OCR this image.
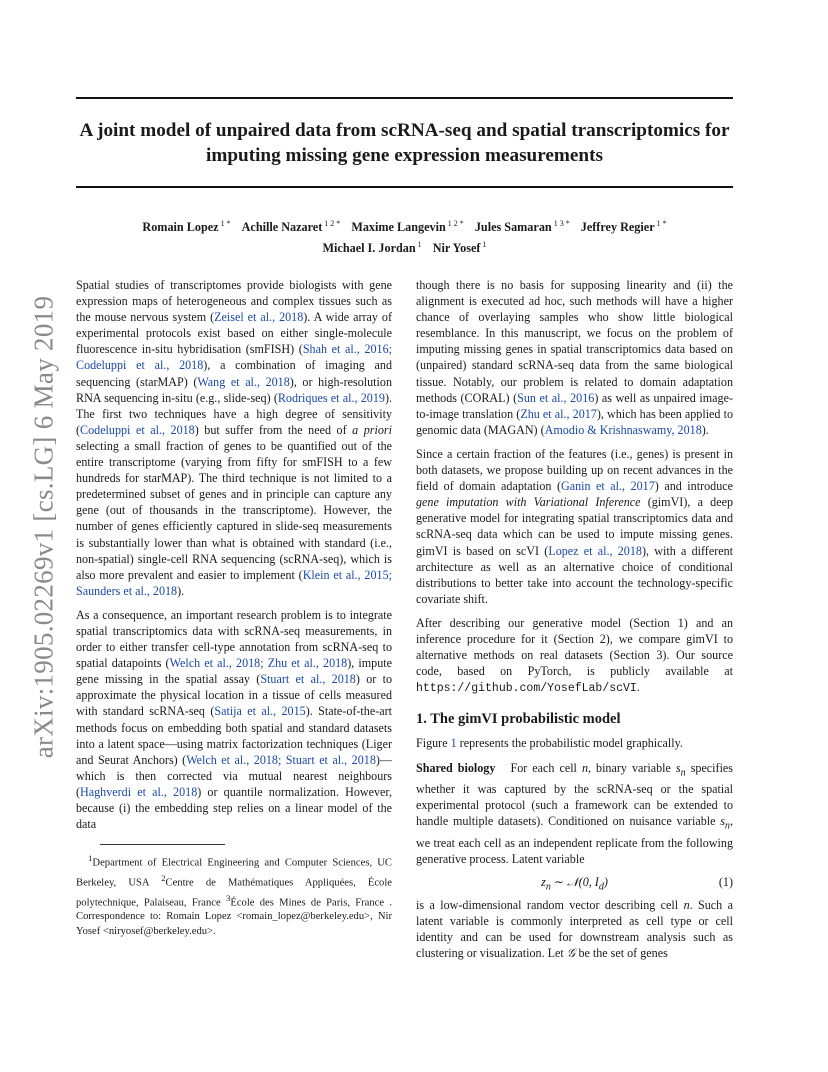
A joint model of unpaired data from scRNA-seq and spatial transcriptomics for imputing missing gene expression measurements
Romain Lopez $^{1 *}$ Achille Nazaret $^{1 2 *}$ Maxime Langevin $^{1 2 *}$ Jules Samaran $^{1 3 *}$ Jeffrey Regier $^{1 *}$
Michael I. Jordan $^1$ Nir Yosef $^1$
arXiv:1905.02269v1 [cs.LG] 6 May 2019

Spatial studies of transcriptomes provide biologists with gene expression maps of heterogeneous and complex tissues such as the mouse nervous system (Zeisel et al., 2018). A wide array of experimental protocols exist based on either single-molecule fluorescence in-situ hybridisation (smFISH) (Shah et al., 2016; Codeluppi et al., 2018), a combination of imaging and sequencing (starMAP) (Wang et al., 2018), or high-resolution RNA sequencing in-situ (e.g., slide-seq) (Rodriques et al., 2019). The first two techniques have a high degree of sensitivity (Codeluppi et al., 2018) but suffer from the need of a priori selecting a small fraction of genes to be quantified out of the entire transcriptome (varying from fifty for smFISH to a few hundreds for starMAP). The third technique is not limited to a predetermined subset of genes and in principle can capture any gene (out of thousands in the transcriptome). However, the number of genes efficiently captured in slide-seq measurements is substantially lower than what is obtained with standard (i.e., non-spatial) single-cell RNA sequencing (scRNA-seq), which is also more prevalent and easier to implement (Klein et al., 2015; Saunders et al., 2018).

As a consequence, an important research problem is to integrate spatial transcriptomics data with scRNA-seq measurements, in order to either transfer cell-type annotation from scRNA-seq to spatial datapoints (Welch et al., 2018; Zhu et al., 2018), impute gene missing in the spatial assay (Stuart et al., 2018) or to approximate the physical location in a tissue of cells measured with standard scRNA-seq (Satija et al., 2015). State-of-the-art methods focus on embedding both spatial and standard datasets into a latent space—using matrix factorization techniques (Liger and Seurat Anchors) (Welch et al., 2018; Stuart et al., 2018)— which is then corrected via mutual nearest neighbours (Haghverdi et al., 2018) or quantile normalization. However, because (i) the embedding step relies on a linear model of the data

$^1$Department of Electrical Engineering and Computer Sciences, UC Berkeley, USA $^2$Centre de Mathématiques Appliquées, École polytechnique, Palaiseau, France $^3$École des Mines de Paris, France . Correspondence to: Romain Lopez <romain_lopez@berkeley.edu>, Nir Yosef <niryosef@berkeley.edu>.

though there is no basis for supposing linearity and (ii) the alignment is executed ad hoc, such methods will have a higher chance of overlaying samples who show little biological resemblance. In this manuscript, we focus on the problem of imputing missing genes in spatial transcriptomics data based on (unpaired) standard scRNA-seq data from the same biological tissue. Notably, our problem is related to domain adaptation methods (CORAL) (Sun et al., 2016) as well as unpaired image-to-image translation (Zhu et al., 2017), which has been applied to genomic data (MAGAN) (Amodio & Krishnaswamy, 2018).

Since a certain fraction of the features (i.e., genes) is present in both datasets, we propose building up on recent advances in the field of domain adaptation (Ganin et al., 2017) and introduce gene imputation with Variational Inference (gimVI), a deep generative model for integrating spatial transcriptomics data and scRNA-seq data which can be used to impute missing genes. gimVI is based on scVI (Lopez et al., 2018), with a different architecture as well as an alternative choice of conditional distributions to better take into account the technology-specific covariate shift.

After describing our generative model (Section 1) and an inference procedure for it (Section 2), we compare gimVI to alternative methods on real datasets (Section 3). Our source code, based on PyTorch, is publicly available at https://github.com/YosefLab/scVI.

1. The gimVI probabilistic model

Figure 1 represents the probabilistic model graphically.

Shared biology For each cell n, binary variable $s_n$ specifies whether it was captured by the scRNA-seq or the spatial experimental protocol (such a framework can be extended to handle multiple datasets). Conditioned on nuisance variable $s_n$, we treat each cell as an independent replicate from the following generative process. Latent variable

$z_n$ ∼ 𝒩(0, $I_d$)	(1)

is a low-dimensional random vector describing cell n. Such a latent variable is commonly interpreted as cell type or cell identity and can be used for downstream analysis such as clustering or visualization. Let 𝒢 be the set of genes
